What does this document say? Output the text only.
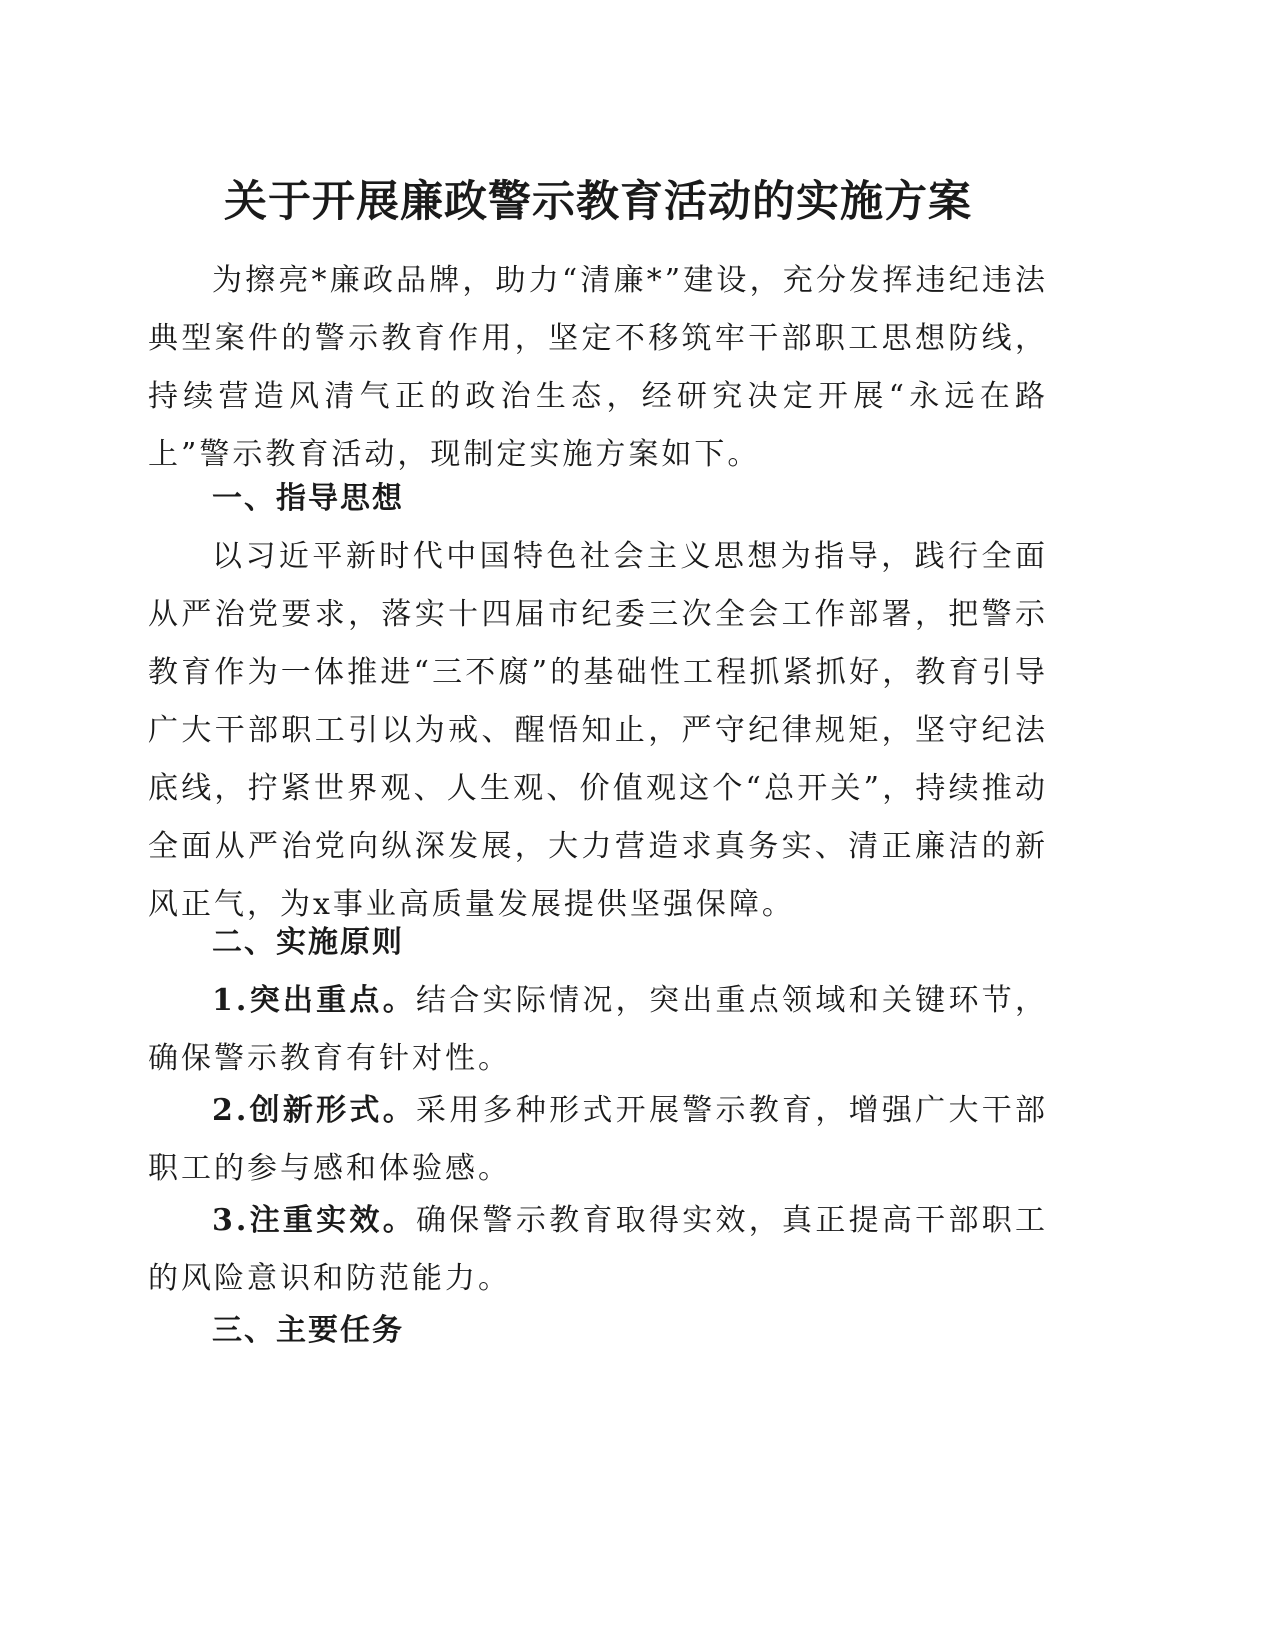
关于开展廉政警示教育活动的实施方案

为擦亮*廉政品牌，助力“清廉*”建设，充分发挥违纪违法典型案件的警示教育作用，坚定不移筑牢干部职工思想防线，持续营造风清气正的政治生态，经研究决定开展“永远在路上”警示教育活动，现制定实施方案如下。

一、指导思想

以习近平新时代中国特色社会主义思想为指导，践行全面从严治党要求，落实十四届市纪委三次全会工作部署，把警示教育作为一体推进“三不腐”的基础性工程抓紧抓好，教育引导广大干部职工引以为戒、醒悟知止，严守纪律规矩，坚守纪法底线，拧紧世界观、人生观、价值观这个“总开关”，持续推动全面从严治党向纵深发展，大力营造求真务实、清正廉洁的新风正气，为x事业高质量发展提供坚强保障。

二、实施原则

1.突出重点。结合实际情况，突出重点领域和关键环节，确保警示教育有针对性。

2.创新形式。采用多种形式开展警示教育，增强广大干部职工的参与感和体验感。

3.注重实效。确保警示教育取得实效，真正提高干部职工的风险意识和防范能力。

三、主要任务
